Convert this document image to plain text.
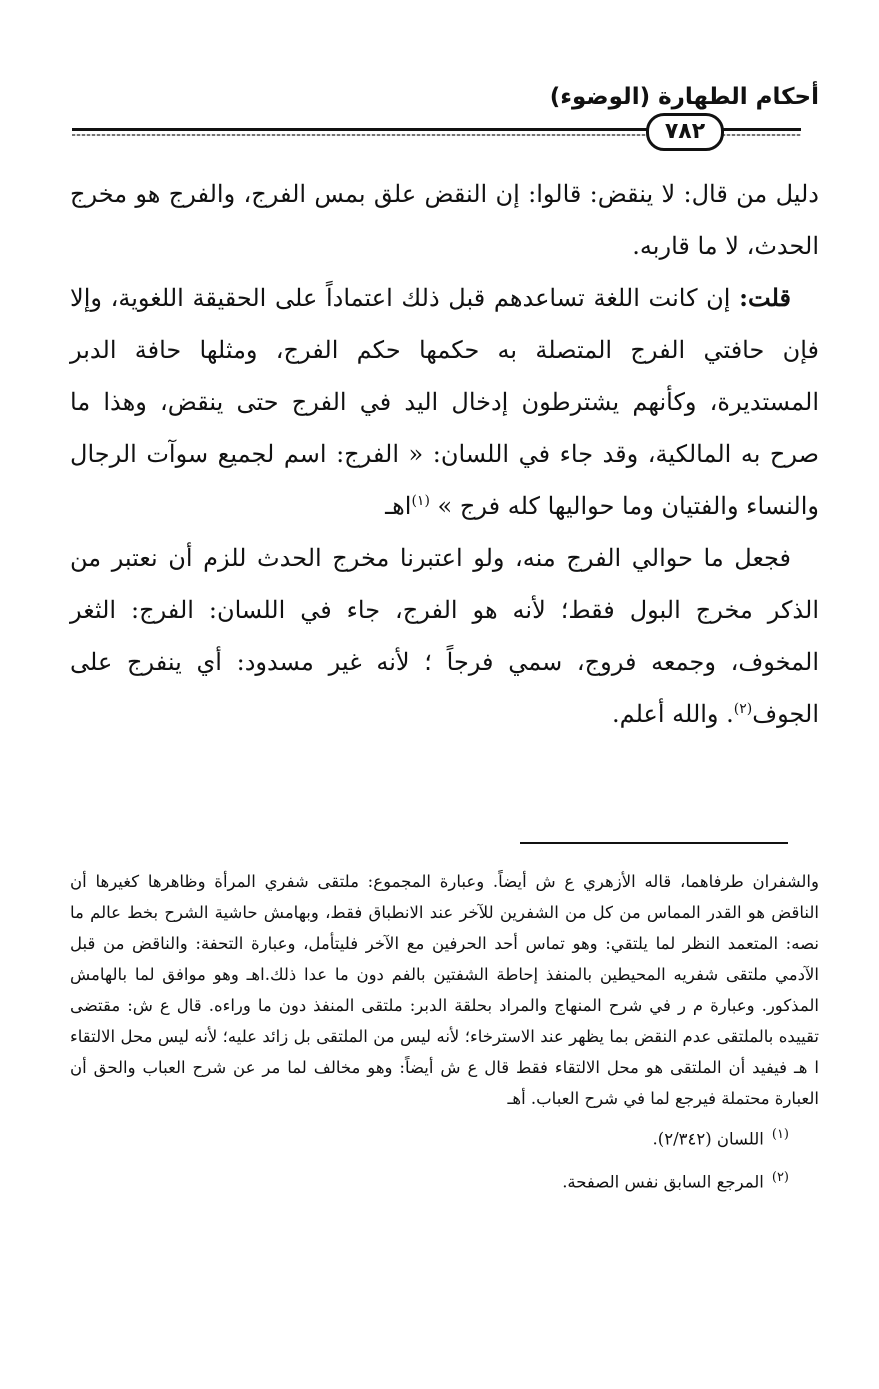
أحكام الطهارة (الوضوء)
٧٨٢

دليل من قال: لا ينقض: قالوا: إن النقض علق بمس الفرج، والفرج هو مخرج الحدث، لا ما قاربه.

قلت: إن كانت اللغة تساعدهم قبل ذلك اعتماداً على الحقيقة اللغوية، وإلا فإن حافتي الفرج المتصلة به حكمها حكم الفرج، ومثلها حافة الدبر المستديرة، وكأنهم يشترطون إدخال اليد في الفرج حتى ينقض، وهذا ما صرح به المالكية، وقد جاء في اللسان: « الفرج: اسم لجميع سوآت الرجال والنساء والفتيان وما حواليها كله فرج » $^{(١)}$اهـ

فجعل ما حوالي الفرج منه، ولو اعتبرنا مخرج الحدث للزم أن نعتبر من الذكر مخرج البول فقط؛ لأنه هو الفرج، جاء في اللسان: الفرج: الثغر المخوف، وجمعه فروج، سمي فرجاً ؛ لأنه غير مسدود: أي ينفرج على الجوف$^{(٢)}$. والله أعلم.

والشفران طرفاهما، قاله الأزهري ع ش أيضاً. وعبارة المجموع: ملتقى شفري المرأة وظاهرها كغيرها أن الناقض هو القدر المماس من كل من الشفرين للآخر عند الانطباق فقط، وبهامش حاشية الشرح بخط عالم ما نصه: المتعمد النظر لما يلتقي: وهو تماس أحد الحرفين مع الآخر فليتأمل، وعبارة التحفة: والناقض من قبل الآدمي ملتقى شفريه المحيطين بالمنفذ إحاطة الشفتين بالفم دون ما عدا ذلك.اهـ وهو موافق لما بالهامش المذكور. وعبارة م ر في شرح المنهاج والمراد بحلقة الدبر: ملتقى المنفذ دون ما وراءه. قال ع ش: مقتضى تقييده بالملتقى عدم النقض بما يظهر عند الاسترخاء؛ لأنه ليس من الملتقى بل زائد عليه؛ لأنه ليس محل الالتقاء ا هـ فيفيد أن الملتقى هو محل الالتقاء فقط قال ع ش أيضاً: وهو مخالف لما مر عن شرح العباب والحق أن العبارة محتملة فيرجع لما في شرح العباب. أهـ

$^{(١)}$اللسان (٢/٣٤٢).

$^{(٢)}$المرجع السابق نفس الصفحة.
